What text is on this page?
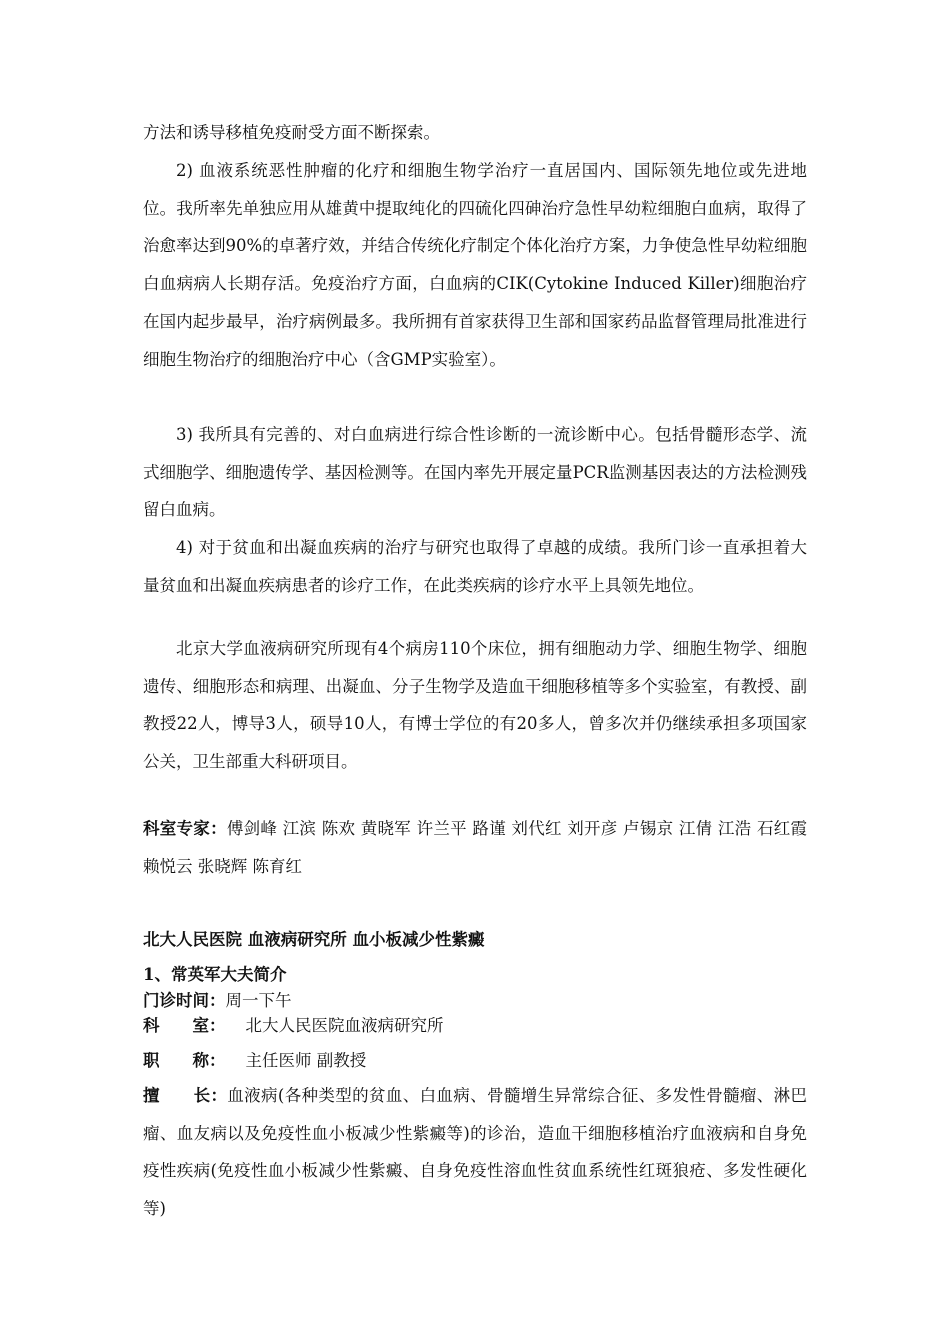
方法和诱导移植免疫耐受方面不断探索。
2) 血液系统恶性肿瘤的化疗和细胞生物学治疗一直居国内、国际领先地位或先进地位。我所率先单独应用从雄黄中提取纯化的四硫化四砷治疗急性早幼粒细胞白血病，取得了治愈率达到90%的卓著疗效，并结合传统化疗制定个体化治疗方案，力争使急性早幼粒细胞白血病病人长期存活。免疫治疗方面，白血病的CIK(Cytokine Induced Killer)细胞治疗在国内起步最早，治疗病例最多。我所拥有首家获得卫生部和国家药品监督管理局批准进行细胞生物治疗的细胞治疗中心（含GMP实验室）。
3) 我所具有完善的、对白血病进行综合性诊断的一流诊断中心。包括骨髓形态学、流式细胞学、细胞遗传学、基因检测等。在国内率先开展定量PCR监测基因表达的方法检测残留白血病。
4) 对于贫血和出凝血疾病的治疗与研究也取得了卓越的成绩。我所门诊一直承担着大量贫血和出凝血疾病患者的诊疗工作，在此类疾病的诊疗水平上具领先地位。
北京大学血液病研究所现有4个病房110个床位，拥有细胞动力学、细胞生物学、细胞遗传、细胞形态和病理、出凝血、分子生物学及造血干细胞移植等多个实验室，有教授、副教授22人，博导3人，硕导10人，有博士学位的有20多人，曾多次并仍继续承担多项国家公关，卫生部重大科研项目。
科室专家：傅剑峰 江滨 陈欢 黄晓军 许兰平 路谨 刘代红 刘开彦 卢锡京 江倩 江浩 石红霞 赖悦云 张晓辉 陈育红
北大人民医院 血液病研究所 血小板减少性紫癜
1、常英军大夫简介
门诊时间：周一下午
科　　室： 北大人民医院血液病研究所
职　　称： 主任医师 副教授
擅　　长：血液病(各种类型的贫血、白血病、骨髓增生异常综合征、多发性骨髓瘤、淋巴瘤、血友病以及免疫性血小板减少性紫癜等)的诊治，造血干细胞移植治疗血液病和自身免疫性疾病(免疫性血小板减少性紫癜、自身免疫性溶血性贫血系统性红斑狼疮、多发性硬化等)
